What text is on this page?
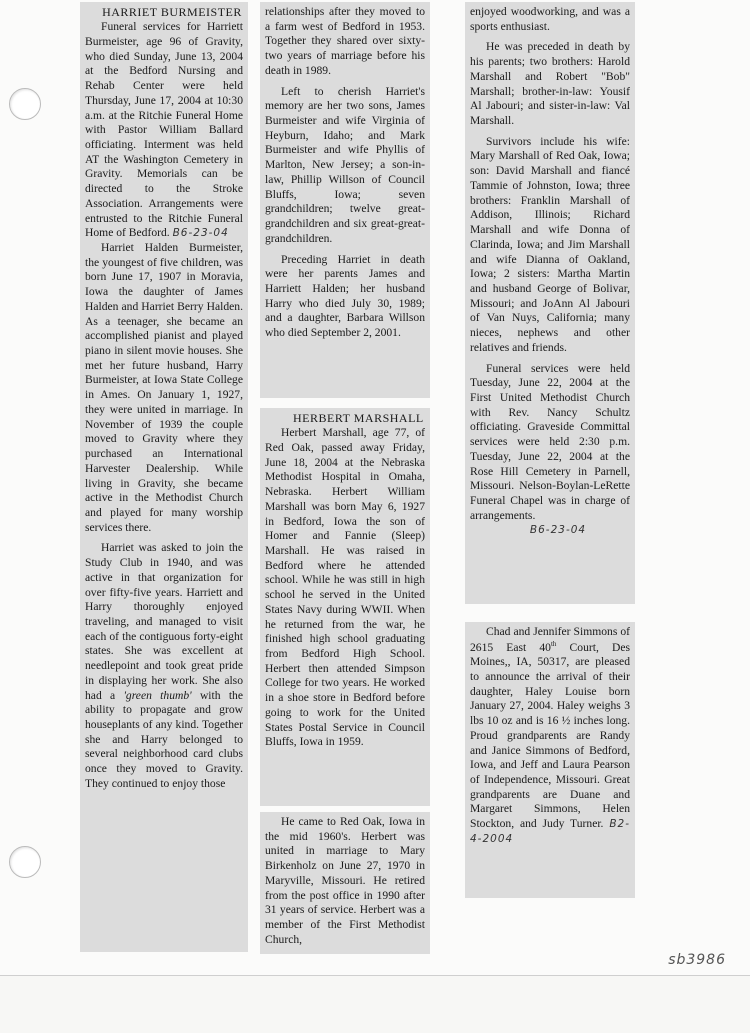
HARRIET BURMEISTER

Funeral services for Harriett Burmeister, age 96 of Gravity, who died Sunday, June 13, 2004 at the Bedford Nursing and Rehab Center were held Thursday, June 17, 2004 at 10:30 a.m. at the Ritchie Funeral Home with Pastor William Ballard officiating. Interment was held AT the Washington Cemetery in Gravity. Memorials can be directed to the Stroke Association. Arrangements were entrusted to the Ritchie Funeral Home of Bedford. B6-23-04

Harriet Halden Burmeister, the youngest of five children, was born June 17, 1907 in Moravia, Iowa the daughter of James Halden and Harriet Berry Halden. As a teenager, she became an accomplished pianist and played piano in silent movie houses. She met her future husband, Harry Burmeister, at Iowa State College in Ames. On January 1, 1927, they were united in marriage. In November of 1939 the couple moved to Gravity where they purchased an International Harvester Dealership. While living in Gravity, she became active in the Methodist Church and played for many worship services there.

Harriet was asked to join the Study Club in 1940, and was active in that organization for over fifty-five years. Harriett and Harry thoroughly enjoyed traveling, and managed to visit each of the contiguous forty-eight states. She was excellent at needlepoint and took great pride in displaying her work. She also had a 'green thumb' with the ability to propagate and grow houseplants of any kind. Together she and Harry belonged to several neighborhood card clubs once they moved to Gravity. They continued to enjoy those

relationships after they moved to a farm west of Bedford in 1953. Together they shared over sixty-two years of marriage before his death in 1989.

Left to cherish Harriet's memory are her two sons, James Burmeister and wife Virginia of Heyburn, Idaho; and Mark Burmeister and wife Phyllis of Marlton, New Jersey; a son-in-law, Phillip Willson of Council Bluffs, Iowa; seven grandchildren; twelve great-grandchildren and six great-great-grandchildren.

Preceding Harriet in death were her parents James and Harriett Halden; her husband Harry who died July 30, 1989; and a daughter, Barbara Willson who died September 2, 2001.

HERBERT MARSHALL

Herbert Marshall, age 77, of Red Oak, passed away Friday, June 18, 2004 at the Nebraska Methodist Hospital in Omaha, Nebraska. Herbert William Marshall was born May 6, 1927 in Bedford, Iowa the son of Homer and Fannie (Sleep) Marshall. He was raised in Bedford where he attended school. While he was still in high school he served in the United States Navy during WWII. When he returned from the war, he finished high school graduating from Bedford High School. Herbert then attended Simpson College for two years. He worked in a shoe store in Bedford before going to work for the United States Postal Service in Council Bluffs, Iowa in 1959.

He came to Red Oak, Iowa in the mid 1960's. Herbert was united in marriage to Mary Birkenholz on June 27, 1970 in Maryville, Missouri. He retired from the post office in 1990 after 31 years of service. Herbert was a member of the First Methodist Church,

enjoyed woodworking, and was a sports enthusiast.

He was preceded in death by his parents; two brothers: Harold Marshall and Robert "Bob" Marshall; brother-in-law: Yousif Al Jabouri; and sister-in-law: Val Marshall.

Survivors include his wife: Mary Marshall of Red Oak, Iowa; son: David Marshall and fiancé Tammie of Johnston, Iowa; three brothers: Franklin Marshall of Addison, Illinois; Richard Marshall and wife Donna of Clarinda, Iowa; and Jim Marshall and wife Dianna of Oakland, Iowa; 2 sisters: Martha Martin and husband George of Bolivar, Missouri; and JoAnn Al Jabouri of Van Nuys, California; many nieces, nephews and other relatives and friends.

Funeral services were held Tuesday, June 22, 2004 at the First United Methodist Church with Rev. Nancy Schultz officiating. Graveside Committal services were held 2:30 p.m. Tuesday, June 22, 2004 at the Rose Hill Cemetery in Parnell, Missouri. Nelson-Boylan-LeRette Funeral Chapel was in charge of arrangements.

B6-23-04

Chad and Jennifer Simmons of 2615 East 40th Court, Des Moines,, IA, 50317, are pleased to announce the arrival of their daughter, Haley Louise born January 27, 2004. Haley weighs 3 lbs 10 oz and is 16 ½ inches long. Proud grandparents are Randy and Janice Simmons of Bedford, Iowa, and Jeff and Laura Pearson of Independence, Missouri. Great grandparents are Duane and Margaret Simmons, Helen Stockton, and Judy Turner. B2-4-2004

sb3986
